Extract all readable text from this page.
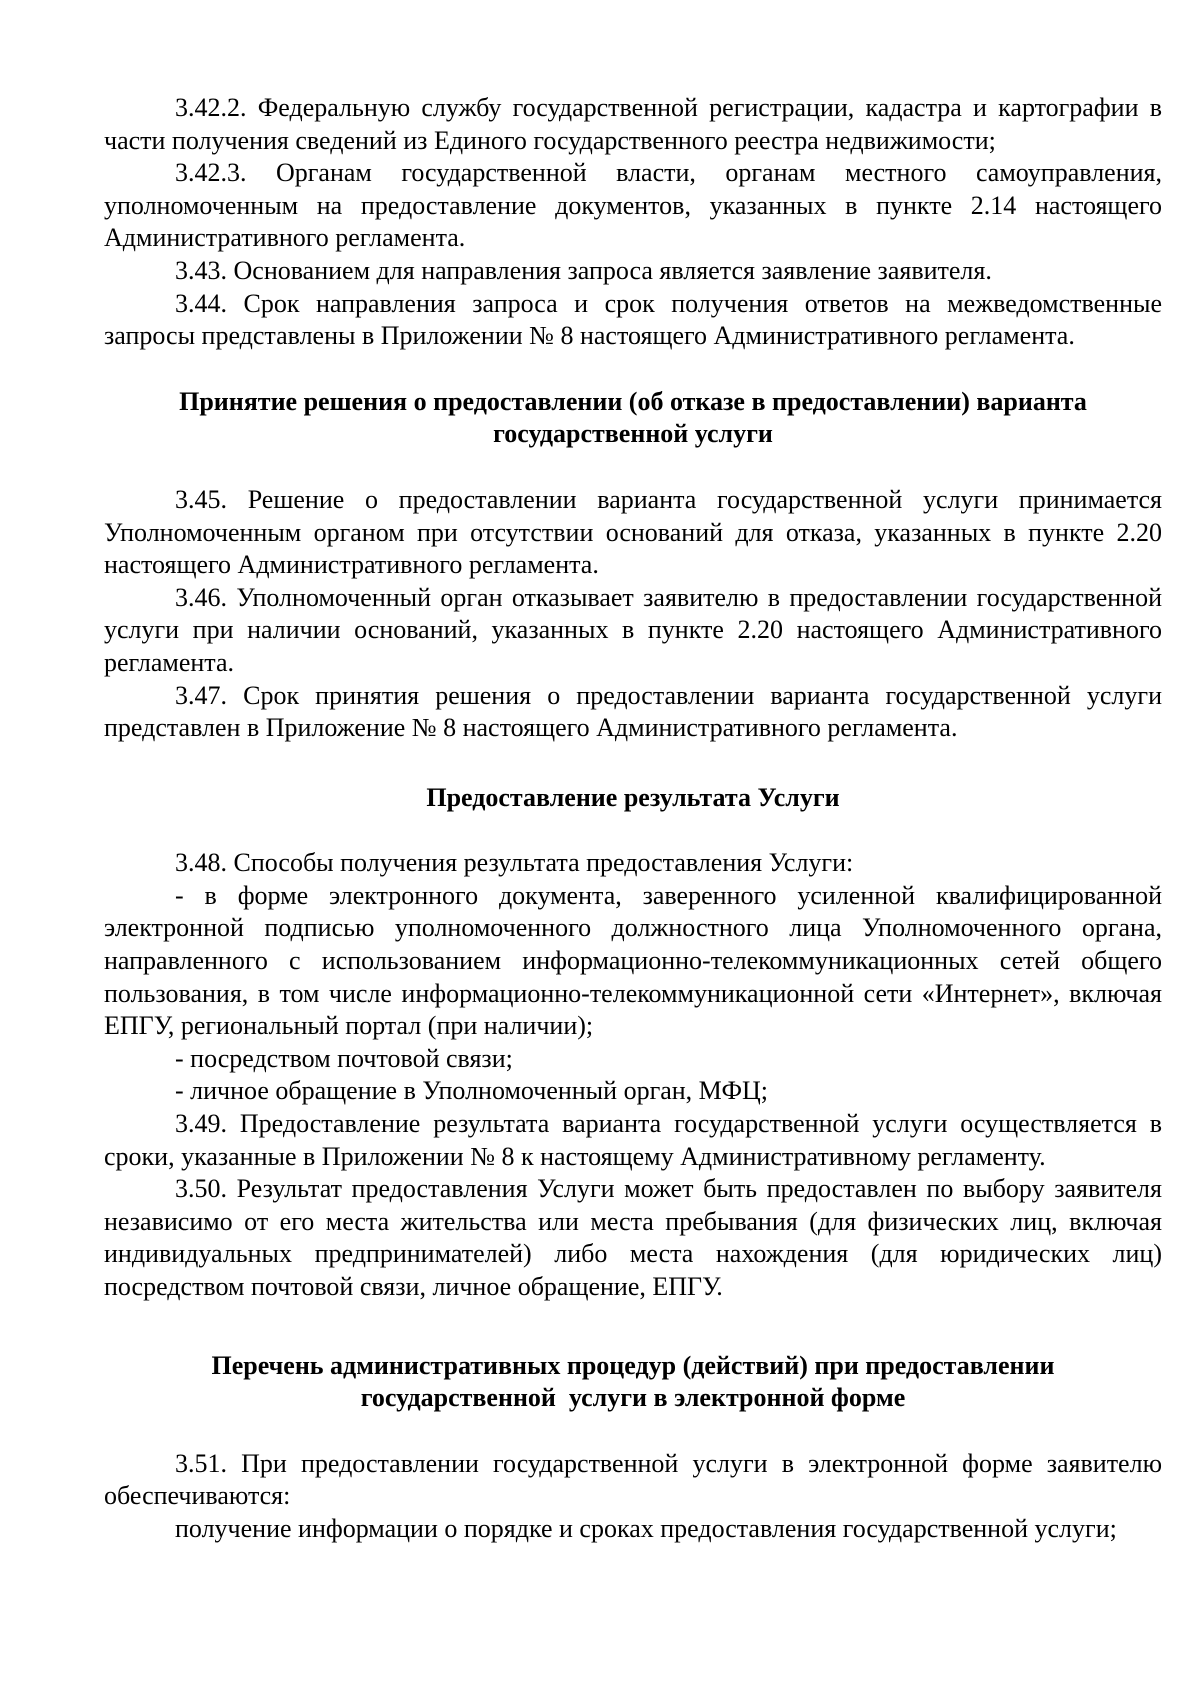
3.42.2. Федеральную службу государственной регистрации, кадастра и картографии в части получения сведений из Единого государственного реестра недвижимости;

3.42.3. Органам государственной власти, органам местного самоуправления, уполномоченным на предоставление документов, указанных в пункте 2.14 настоящего Административного регламента.

3.43. Основанием для направления запроса является заявление заявителя.

3.44. Срок направления запроса и срок получения ответов на межведомственные запросы представлены в Приложении № 8 настоящего Административного регламента.

Принятие решения о предоставлении (об отказе в предоставлении) варианта
государственной услуги

3.45. Решение о предоставлении варианта государственной услуги принимается Уполномоченным органом при отсутствии оснований для отказа, указанных в пункте 2.20 настоящего Административного регламента.

3.46. Уполномоченный орган отказывает заявителю в предоставлении государственной услуги при наличии оснований, указанных в пункте 2.20 настоящего Административного регламента.

3.47. Срок принятия решения о предоставлении варианта государственной услуги представлен в Приложение № 8 настоящего Административного регламента.

Предоставление результата Услуги

3.48. Способы получения результата предоставления Услуги:

- в форме электронного документа, заверенного усиленной квалифицированной электронной подписью уполномоченного должностного лица Уполномоченного органа, направленного с использованием информационно-телекоммуникационных сетей общего пользования, в том числе информационно-телекоммуникационной сети «Интернет», включая ЕПГУ, региональный портал (при наличии);

- посредством почтовой связи;

- личное обращение в Уполномоченный орган, МФЦ;

3.49. Предоставление результата варианта государственной услуги осуществляется в сроки, указанные в Приложении № 8 к настоящему Административному регламенту.

3.50. Результат предоставления Услуги может быть предоставлен по выбору заявителя независимо от его места жительства или места пребывания (для физических лиц, включая индивидуальных предпринимателей) либо места нахождения (для юридических лиц) посредством почтовой связи, личное обращение, ЕПГУ.

Перечень административных процедур (действий) при предоставлении
государственной  услуги в электронной форме

3.51. При предоставлении государственной услуги в электронной форме заявителю обеспечиваются:

получение информации о порядке и сроках предоставления государственной услуги;
